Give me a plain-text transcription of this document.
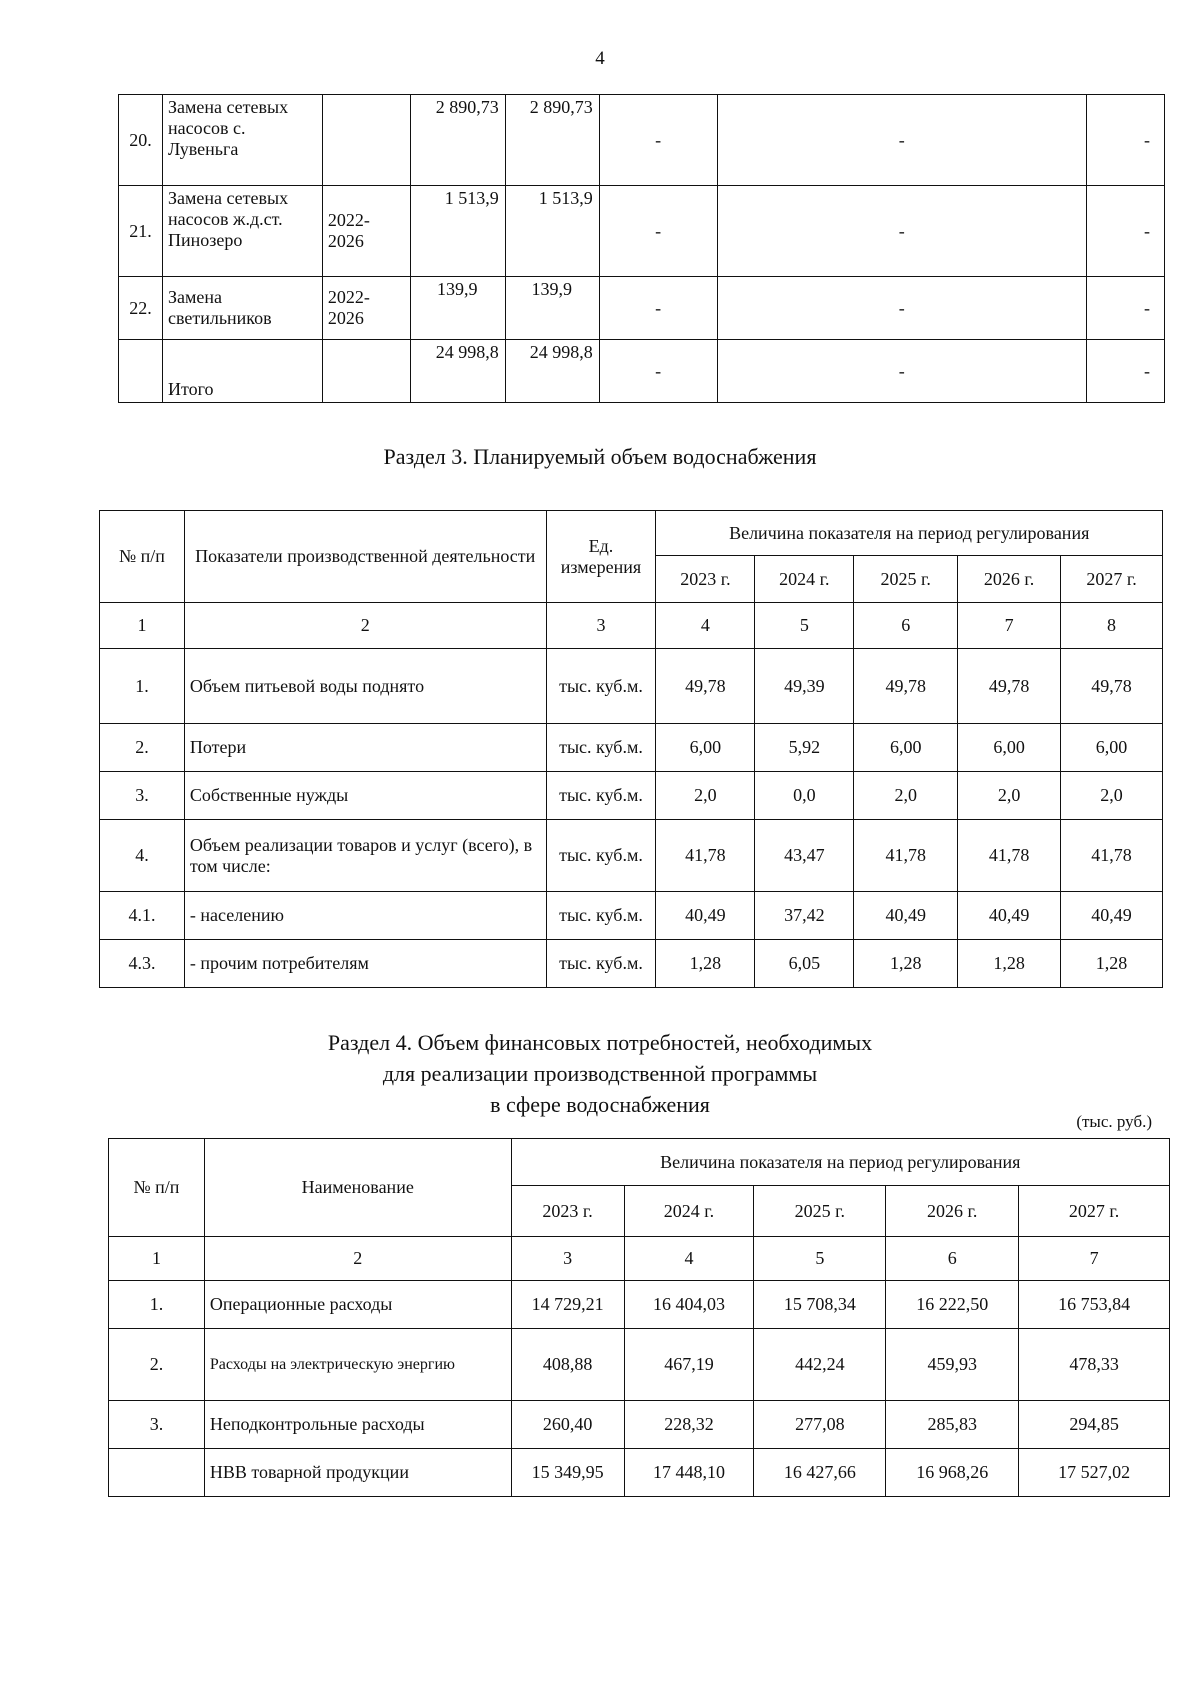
4
20.	Замена сетевых насосов с. Лувеньга		2 890,73	2 890,73	-	-	-
21.	Замена сетевых насосов ж.д.ст. Пинозеро	2022-2026	1 513,9	1 513,9	-	-	-
22.	Замена светильников	2022-2026	139,9	139,9	-	-	-
	Итого		24 998,8	24 998,8	-	-	-
Раздел 3. Планируемый объем водоснабжения
№ п/п	Показатели производственной деятельности	Ед. измерения	Величина показателя на период регулирования				
			2023 г.	2024 г.	2025 г.	2026 г.	2027 г.
1	2	3	4	5	6	7	8
1.	Объем питьевой воды поднято	тыс. куб.м.	49,78	49,39	49,78	49,78	49,78
2.	Потери	тыс. куб.м.	6,00	5,92	6,00	6,00	6,00
3.	Собственные нужды	тыс. куб.м.	2,0	0,0	2,0	2,0	2,0
4.	Объем реализации товаров и услуг (всего), в том числе:	тыс. куб.м.	41,78	43,47	41,78	41,78	41,78
4.1.	- населению	тыс. куб.м.	40,49	37,42	40,49	40,49	40,49
4.3.	- прочим потребителям	тыс. куб.м.	1,28	6,05	1,28	1,28	1,28
Раздел 4. Объем финансовых потребностей, необходимых
для реализации производственной программы
в сфере водоснабжения
(тыс. руб.)
№ п/п	Наименование	Величина показателя на период регулирования				
		2023 г.	2024 г.	2025 г.	2026 г.	2027 г.
1	2	3	4	5	6	7
1.	Операционные расходы	14 729,21	16 404,03	15 708,34	16 222,50	16 753,84
2.	Расходы на электрическую энергию	408,88	467,19	442,24	459,93	478,33
3.	Неподконтрольные расходы	260,40	228,32	277,08	285,83	294,85
	НВВ товарной продукции	15 349,95	17 448,10	16 427,66	16 968,26	17 527,02
